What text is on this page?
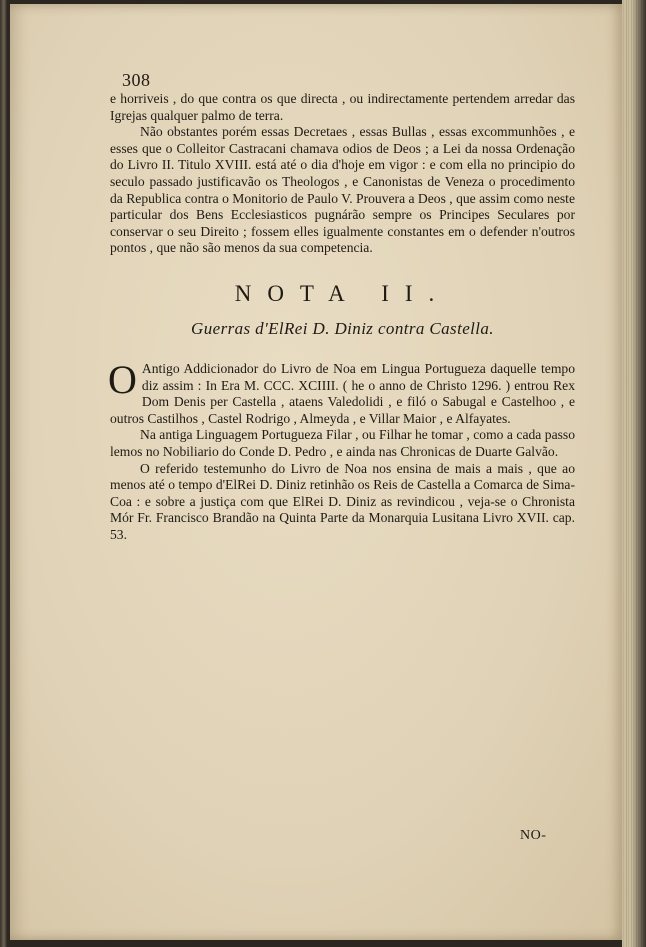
308

e horriveis , do que contra os que directa , ou indirectamente pertendem arredar das Igrejas qualquer palmo de terra.

Não obstantes porém essas Decretaes , essas Bullas , essas excommunhões , e esses que o Colleitor Castracani chamava odios de Deos ; a Lei da nossa Ordenação do Livro II. Titulo XVIII. está até o dia d'hoje em vigor : e com ella no principio do seculo passado justificavão os Theologos , e Canonistas de Veneza o procedimento da Republica contra o Monitorio de Paulo V. Prouvera a Deos , que assim como neste particular dos Bens Ecclesiasticos pugnárão sempre os Principes Seculares por conservar o seu Direito ; fossem elles igualmente constantes em o defender n'outros pontos , que não são menos da sua competencia.

NOTA II.
Guerras d'ElRei D. Diniz contra Castella.

O Antigo Addicionador do Livro de Noa em Lingua Portugueza daquelle tempo diz assim : In Era M. CCC. XCIIII. ( he o anno de Christo 1296. ) entrou Rex Dom Denis per Castella , ataens Valedolidi , e filó o Sabugal e Castelhoo , e outros Castilhos , Castel Rodrigo , Almeyda , e Villar Maior , e Alfayates.

Na antiga Linguagem Portugueza Filar , ou Filhar he tomar , como a cada passo lemos no Nobiliario do Conde D. Pedro , e ainda nas Chronicas de Duarte Galvão.

O referido testemunho do Livro de Noa nos ensina de mais a mais , que ao menos até o tempo d'ElRei D. Diniz retinhão os Reis de Castella a Comarca de Sima-Coa : e sobre a justiça com que ElRei D. Diniz as revindicou , veja-se o Chronista Mór Fr. Francisco Brandão na Quinta Parte da Monarquia Lusitana Livro XVII. cap. 53.

NO-
